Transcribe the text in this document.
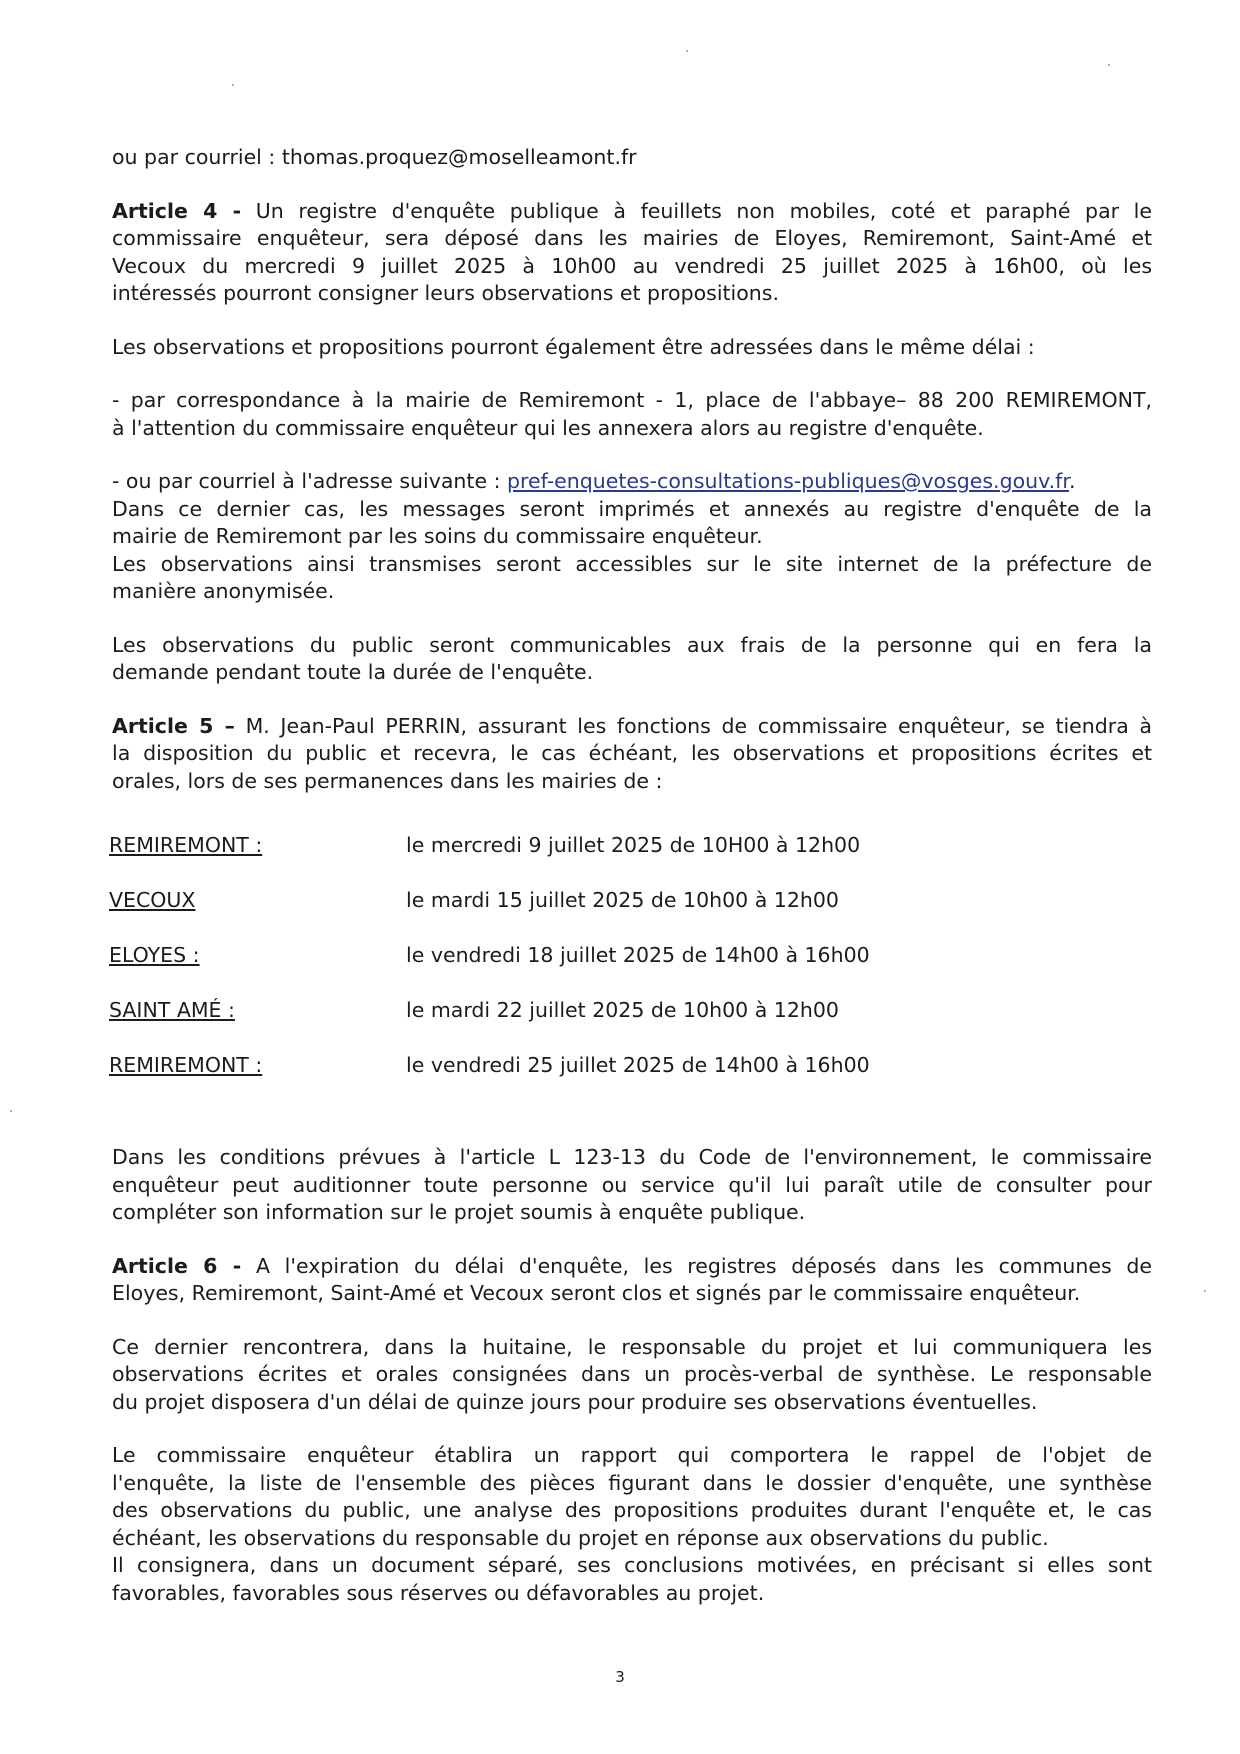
ou par courriel : thomas.proquez@moselleamont.fr
Article 4 - Un registre d'enquête publique à feuillets non mobiles, coté et paraphé par le
commissaire enquêteur, sera déposé dans les mairies de Eloyes, Remiremont, Saint-Amé et
Vecoux du mercredi 9 juillet 2025 à 10h00 au vendredi 25 juillet 2025 à 16h00, où les
intéressés pourront consigner leurs observations et propositions.
Les observations et propositions pourront également être adressées dans le même délai :
- par correspondance à la mairie de Remiremont - 1, place de l'abbaye– 88 200 REMIREMONT,
à l'attention du commissaire enquêteur qui les annexera alors au registre d'enquête.
- ou par courriel à l'adresse suivante : pref-enquetes-consultations-publiques@vosges.gouv.fr.
Dans ce dernier cas, les messages seront imprimés et annexés au registre d'enquête de la
mairie de Remiremont par les soins du commissaire enquêteur.
Les observations ainsi transmises seront accessibles sur le site internet de la préfecture de
manière anonymisée.
Les observations du public seront communicables aux frais de la personne qui en fera la
demande pendant toute la durée de l'enquête.
Article 5 – M. Jean-Paul PERRIN, assurant les fonctions de commissaire enquêteur, se tiendra à
la disposition du public et recevra, le cas échéant, les observations et propositions écrites et
orales, lors de ses permanences dans les mairies de :
REMIREMONT :	le mercredi 9 juillet 2025 de 10H00 à 12h00
VECOUX	le mardi 15 juillet 2025 de 10h00 à 12h00
ELOYES :	le vendredi 18 juillet 2025 de 14h00 à 16h00
SAINT AMÉ :	le mardi 22 juillet 2025 de 10h00 à 12h00
REMIREMONT :	le vendredi 25 juillet 2025 de 14h00 à 16h00
Dans les conditions prévues à l'article L 123-13 du Code de l'environnement, le commissaire
enquêteur peut auditionner toute personne ou service qu'il lui paraît utile de consulter pour
compléter son information sur le projet soumis à enquête publique.
Article 6 - A l'expiration du délai d'enquête, les registres déposés dans les communes de
Eloyes, Remiremont, Saint-Amé et Vecoux seront clos et signés par le commissaire enquêteur.
Ce dernier rencontrera, dans la huitaine, le responsable du projet et lui communiquera les
observations écrites et orales consignées dans un procès-verbal de synthèse. Le responsable
du projet disposera d'un délai de quinze jours pour produire ses observations éventuelles.
Le commissaire enquêteur établira un rapport qui comportera le rappel de l'objet de
l'enquête, la liste de l'ensemble des pièces figurant dans le dossier d'enquête, une synthèse
des observations du public, une analyse des propositions produites durant l'enquête et, le cas
échéant, les observations du responsable du projet en réponse aux observations du public.
Il consignera, dans un document séparé, ses conclusions motivées, en précisant si elles sont
favorables, favorables sous réserves ou défavorables au projet.
3
